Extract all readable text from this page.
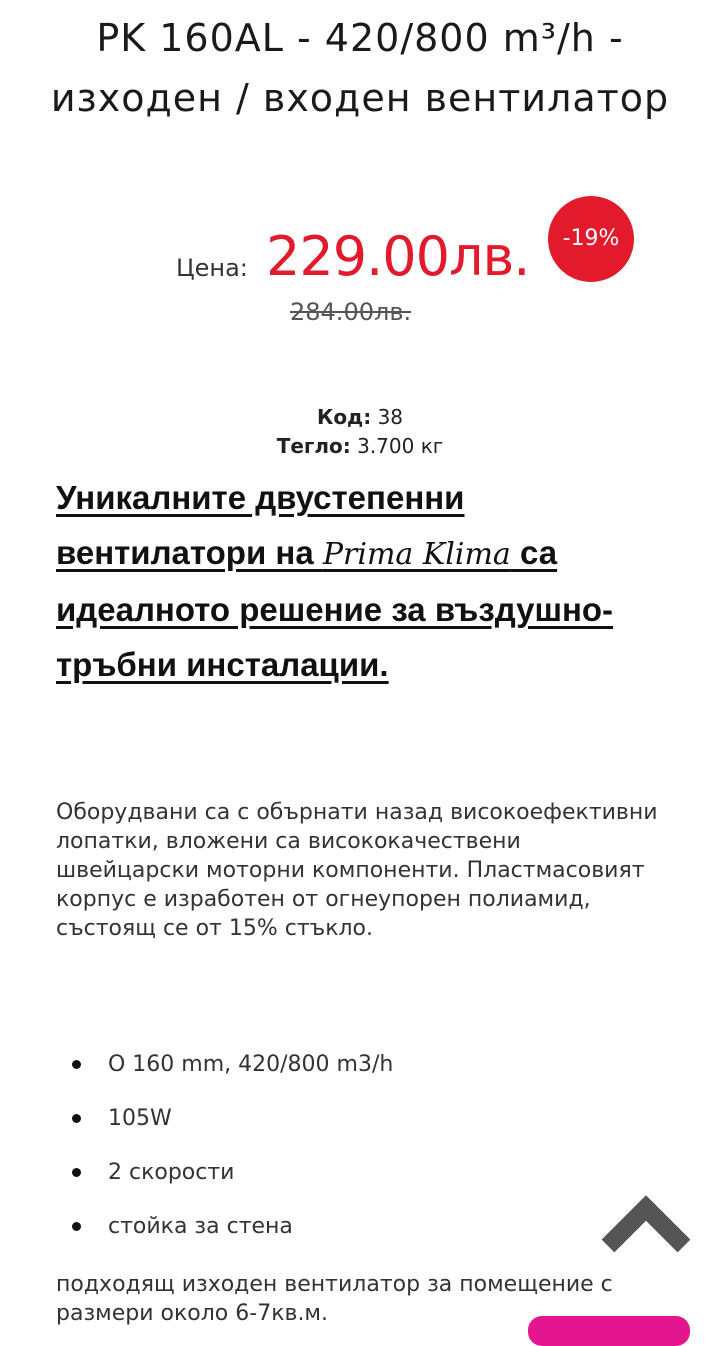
PK 160AL - 420/800 m³/h - изходен / входен вентилатор
Цена: 229.00лв.	-19%
284.00лв.
Код: 38
Тегло: 3.700 кг
Уникалните двустепенни вентилатори на Prima Klima са идеалното решение за въздушно-тръбни инсталации.

Оборудвани са с обърнати назад високоефективни лопатки, вложени са висококачествени швейцарски моторни компоненти. Пластмасовият корпус е изработен от огнеупорен полиамид, състоящ се от 15% стъкло.

О 160 mm, 420/800 m3/h
105W
2 скорости
стойка за стена

подходящ изходен вентилатор за помещение с размери около 6-7кв.м.
